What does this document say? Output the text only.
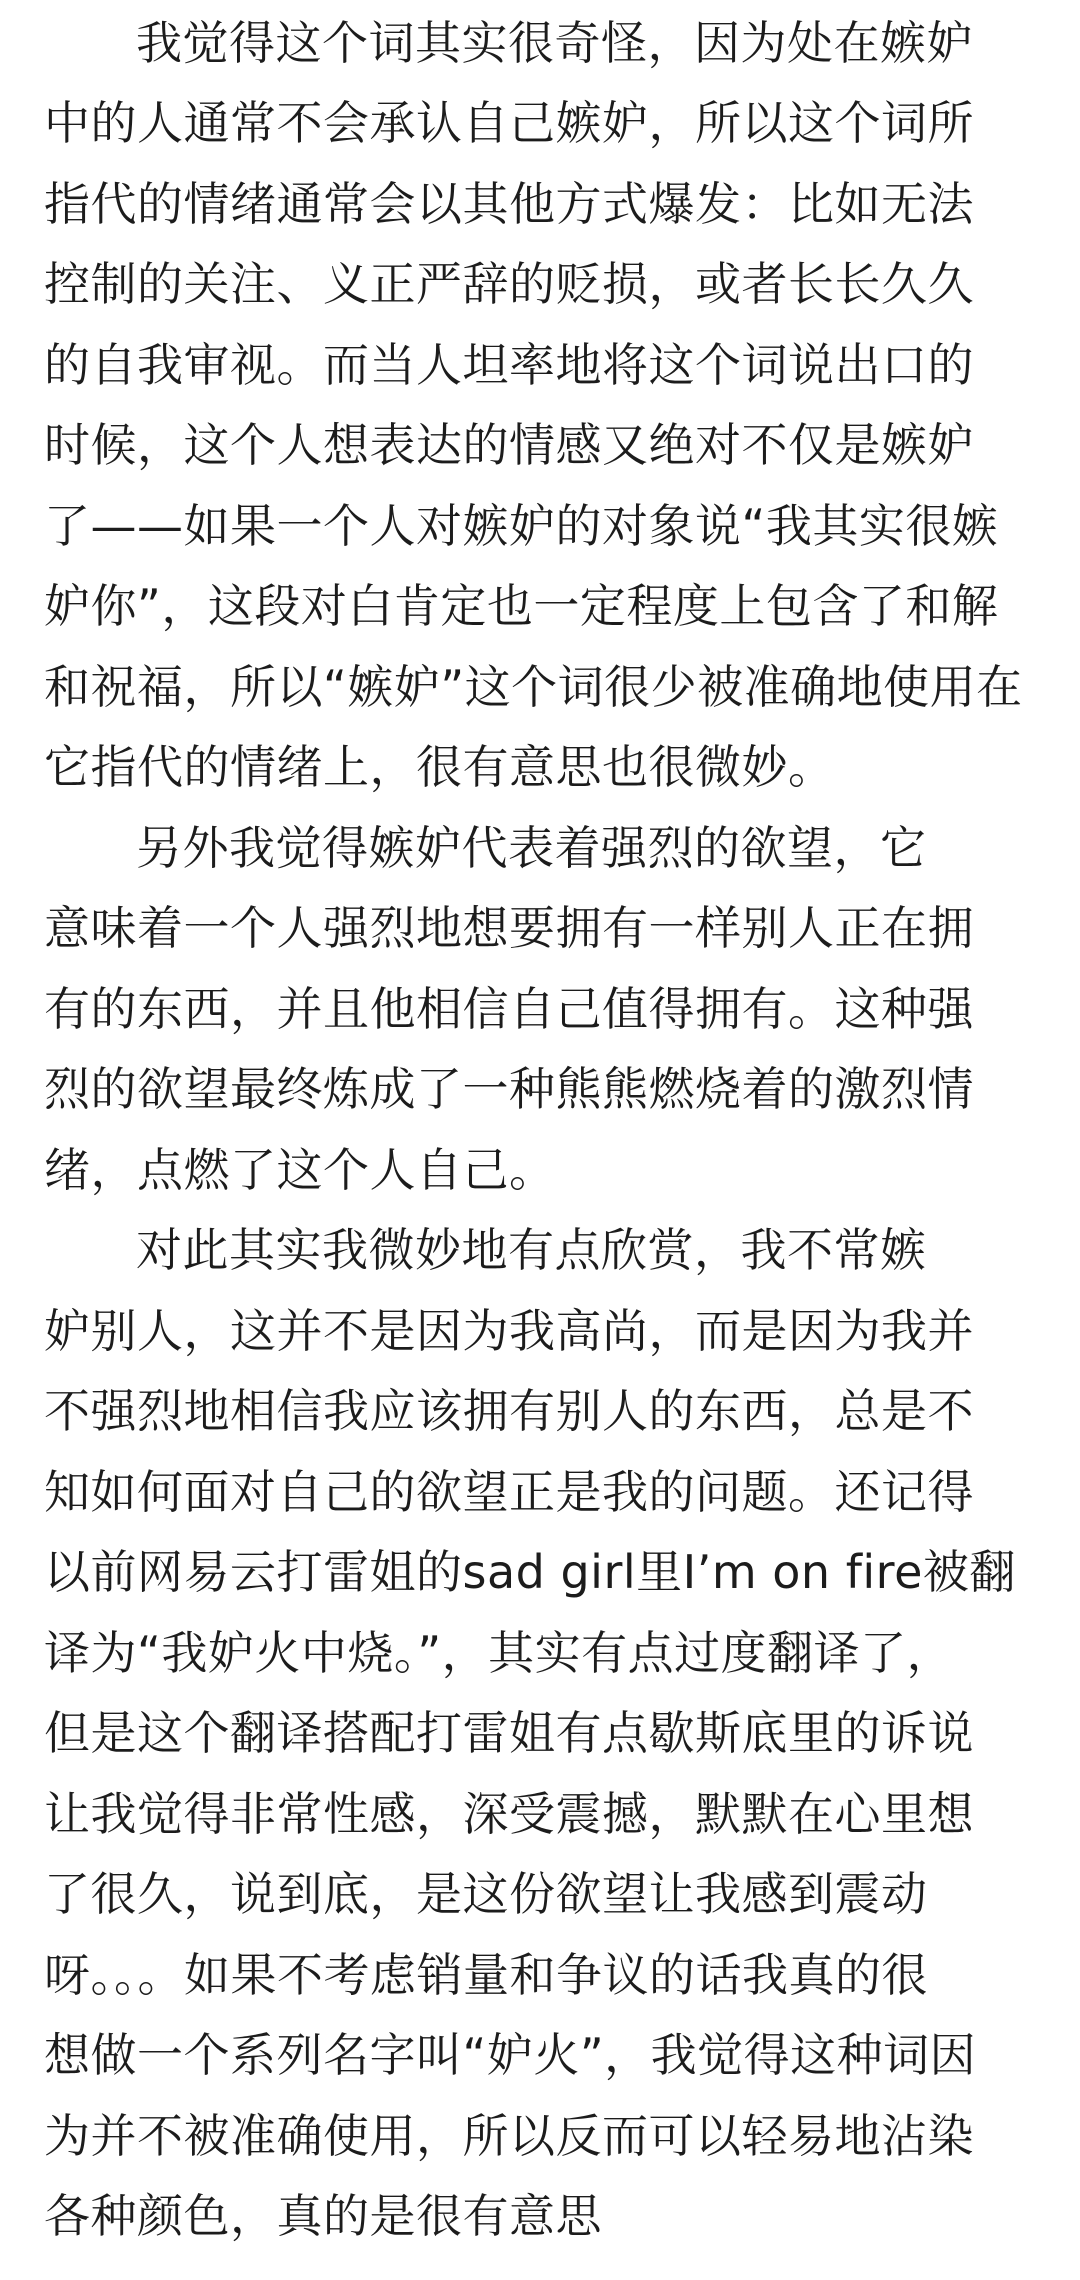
我觉得这个词其实很奇怪，因为处在嫉妒
中的人通常不会承认自己嫉妒，所以这个词所
指代的情绪通常会以其他方式爆发：比如无法
控制的关注、义正严辞的贬损，或者长长久久
的自我审视。而当人坦率地将这个词说出口的
时候，这个人想表达的情感又绝对不仅是嫉妒
了——如果一个人对嫉妒的对象说“我其实很嫉
妒你”，这段对白肯定也一定程度上包含了和解
和祝福，所以“嫉妒”这个词很少被准确地使用在
它指代的情绪上，很有意思也很微妙。
另外我觉得嫉妒代表着强烈的欲望，它
意味着一个人强烈地想要拥有一样别人正在拥
有的东西，并且他相信自己值得拥有。这种强
烈的欲望最终炼成了一种熊熊燃烧着的激烈情
绪，点燃了这个人自己。
对此其实我微妙地有点欣赏，我不常嫉
妒别人，这并不是因为我高尚，而是因为我并
不强烈地相信我应该拥有别人的东西，总是不
知如何面对自己的欲望正是我的问题。还记得
以前网易云打雷姐的sad girl里I’m on fire被翻
译为“我妒火中烧。”，其实有点过度翻译了，
但是这个翻译搭配打雷姐有点歇斯底里的诉说
让我觉得非常性感，深受震撼，默默在心里想
了很久，说到底，是这份欲望让我感到震动
呀。。。如果不考虑销量和争议的话我真的很
想做一个系列名字叫“妒火”，我觉得这种词因
为并不被准确使用，所以反而可以轻易地沾染
各种颜色，真的是很有意思
